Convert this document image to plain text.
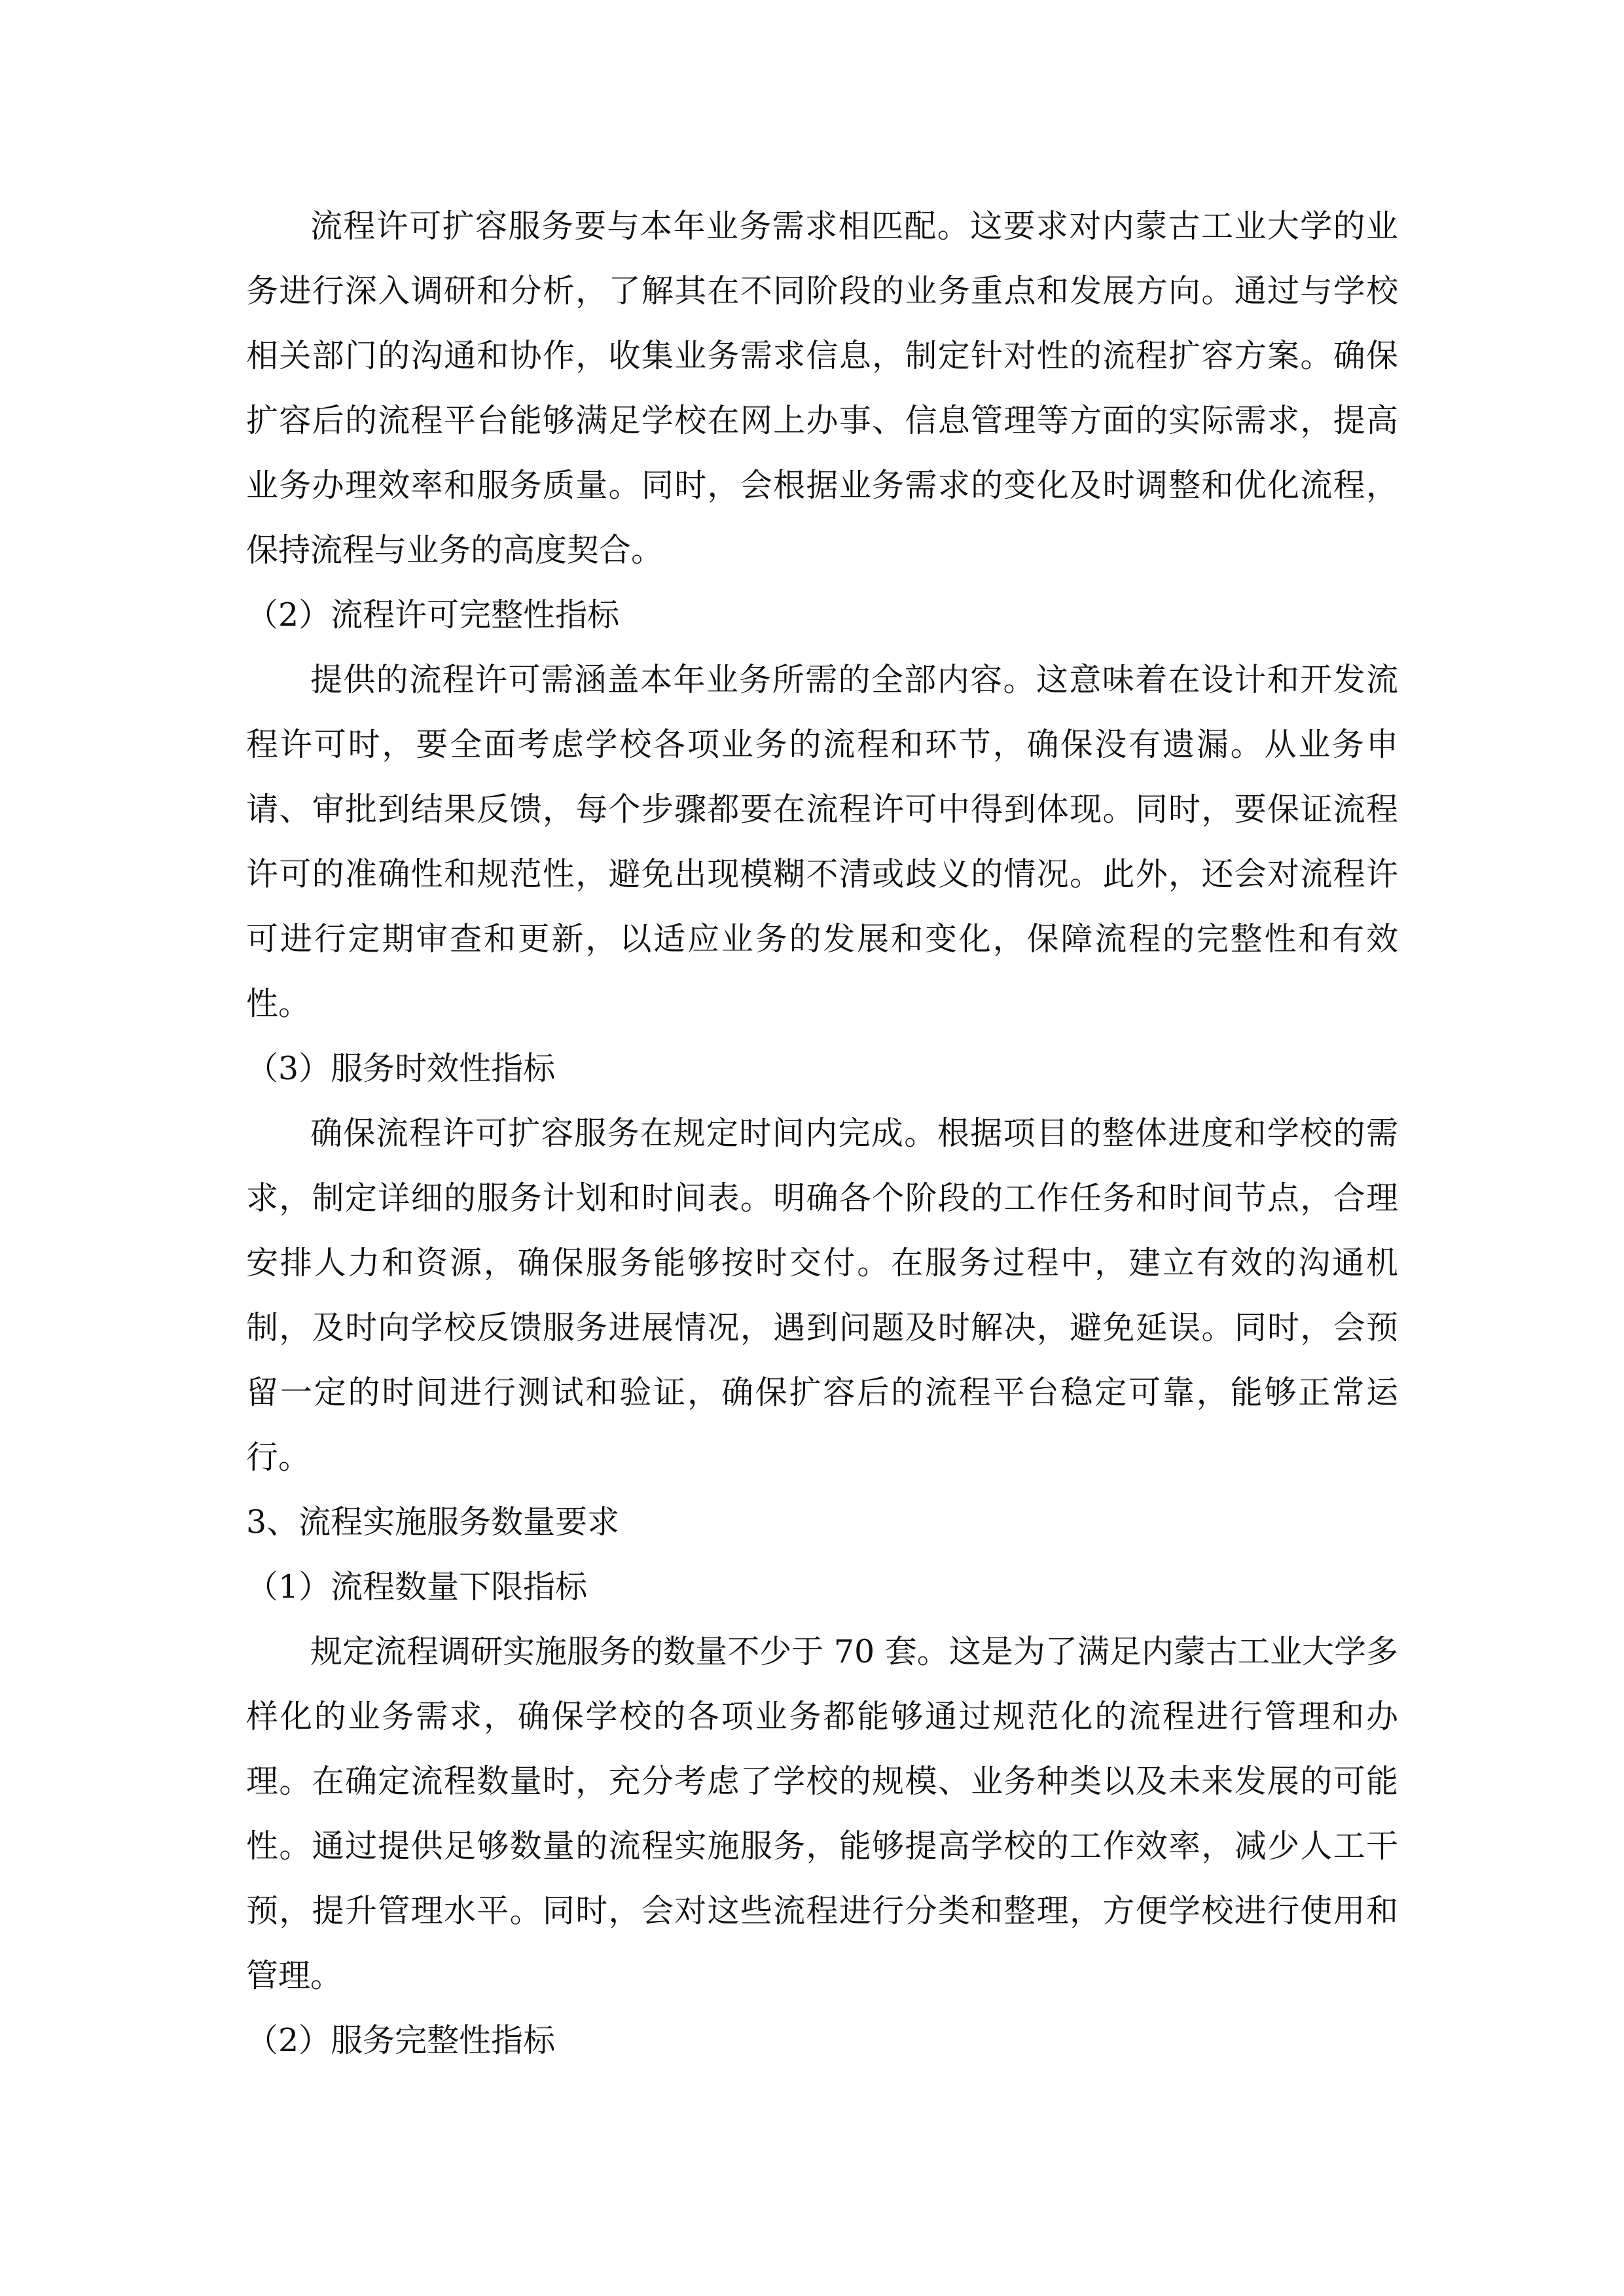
流程许可扩容服务要与本年业务需求相匹配。这要求对内蒙古工业大学的业务进行深入调研和分析，了解其在不同阶段的业务重点和发展方向。通过与学校相关部门的沟通和协作，收集业务需求信息，制定针对性的流程扩容方案。确保扩容后的流程平台能够满足学校在网上办事、信息管理等方面的实际需求，提高业务办理效率和服务质量。同时，会根据业务需求的变化及时调整和优化流程，保持流程与业务的高度契合。

（2）流程许可完整性指标

提供的流程许可需涵盖本年业务所需的全部内容。这意味着在设计和开发流程许可时，要全面考虑学校各项业务的流程和环节，确保没有遗漏。从业务申请、审批到结果反馈，每个步骤都要在流程许可中得到体现。同时，要保证流程许可的准确性和规范性，避免出现模糊不清或歧义的情况。此外，还会对流程许可进行定期审查和更新，以适应业务的发展和变化，保障流程的完整性和有效性。

（3）服务时效性指标

确保流程许可扩容服务在规定时间内完成。根据项目的整体进度和学校的需求，制定详细的服务计划和时间表。明确各个阶段的工作任务和时间节点，合理安排人力和资源，确保服务能够按时交付。在服务过程中，建立有效的沟通机制，及时向学校反馈服务进展情况，遇到问题及时解决，避免延误。同时，会预留一定的时间进行测试和验证，确保扩容后的流程平台稳定可靠，能够正常运行。

3、流程实施服务数量要求

（1）流程数量下限指标

规定流程调研实施服务的数量不少于 70 套。这是为了满足内蒙古工业大学多样化的业务需求，确保学校的各项业务都能够通过规范化的流程进行管理和办理。在确定流程数量时，充分考虑了学校的规模、业务种类以及未来发展的可能性。通过提供足够数量的流程实施服务，能够提高学校的工作效率，减少人工干预，提升管理水平。同时，会对这些流程进行分类和整理，方便学校进行使用和管理。

（2）服务完整性指标
